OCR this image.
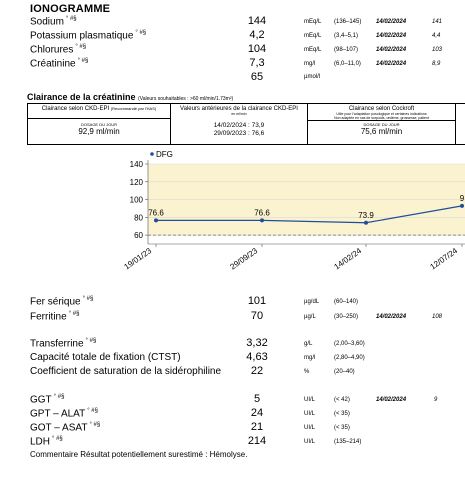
IONOGRAMME
Sodium ° #§	144	mEq/L (136–145) 14/02/2024	141
Potassium plasmatique ° #§	4,2	mEq/L (3,4–5,1)	14/02/2024	4,4
Chlorures ° #§	104	mEq/L (98–107)	14/02/2024	103
Créatinine ° #§	7,3	mg/l	(6,0–11,0)	14/02/2024	8,9
65	µmol/l
Clairance de la créatinine (Valeurs souhaitables : >60 ml/min/1.73m²)
Clairance selon CKD-EPI (Recommandé par l'HAS)
DOSAGE DU JOUR
92,9 ml/min
Valeurs antérieures de la clairance CKD-EPI
en ml/min
14/02/2024 : 73,9
29/09/2023 : 76,6
Clairance selon Cockroft
Utile pour l'adaptation posologique et certaines indications
Non adaptée en cas de surpoids, œdème, grossesse, patient
DOSAGE DU JOUR
75,6 ml/min
60
80
100
120
140
DFG
76.6	76.6	73.9
9
19/01/23	29/09/23	14/02/24	12/07/24
Fer sérique ° #§	101	µg/dL (60–140)
Ferritine ° #§	70	µg/L	(30–250)	14/02/2024	108
Transferrine ° #§	3,32	g/L	(2,00–3,60)
Capacité totale de fixation (CTST)	4,63	mg/l	(2,80–4,90)
Coefficient de saturation de la sidérophiline	22	%	(20–40)
GGT ° #§	5	UI/L	(< 42)	14/02/2024	9
GPT – ALAT ° #§	24	UI/L	(< 35)
GOT – ASAT ° #§	21	UI/L	(< 35)
LDH ° #§	214	UI/L	(135–214)
Commentaire Résultat potentiellement surestimé : Hémolyse.
